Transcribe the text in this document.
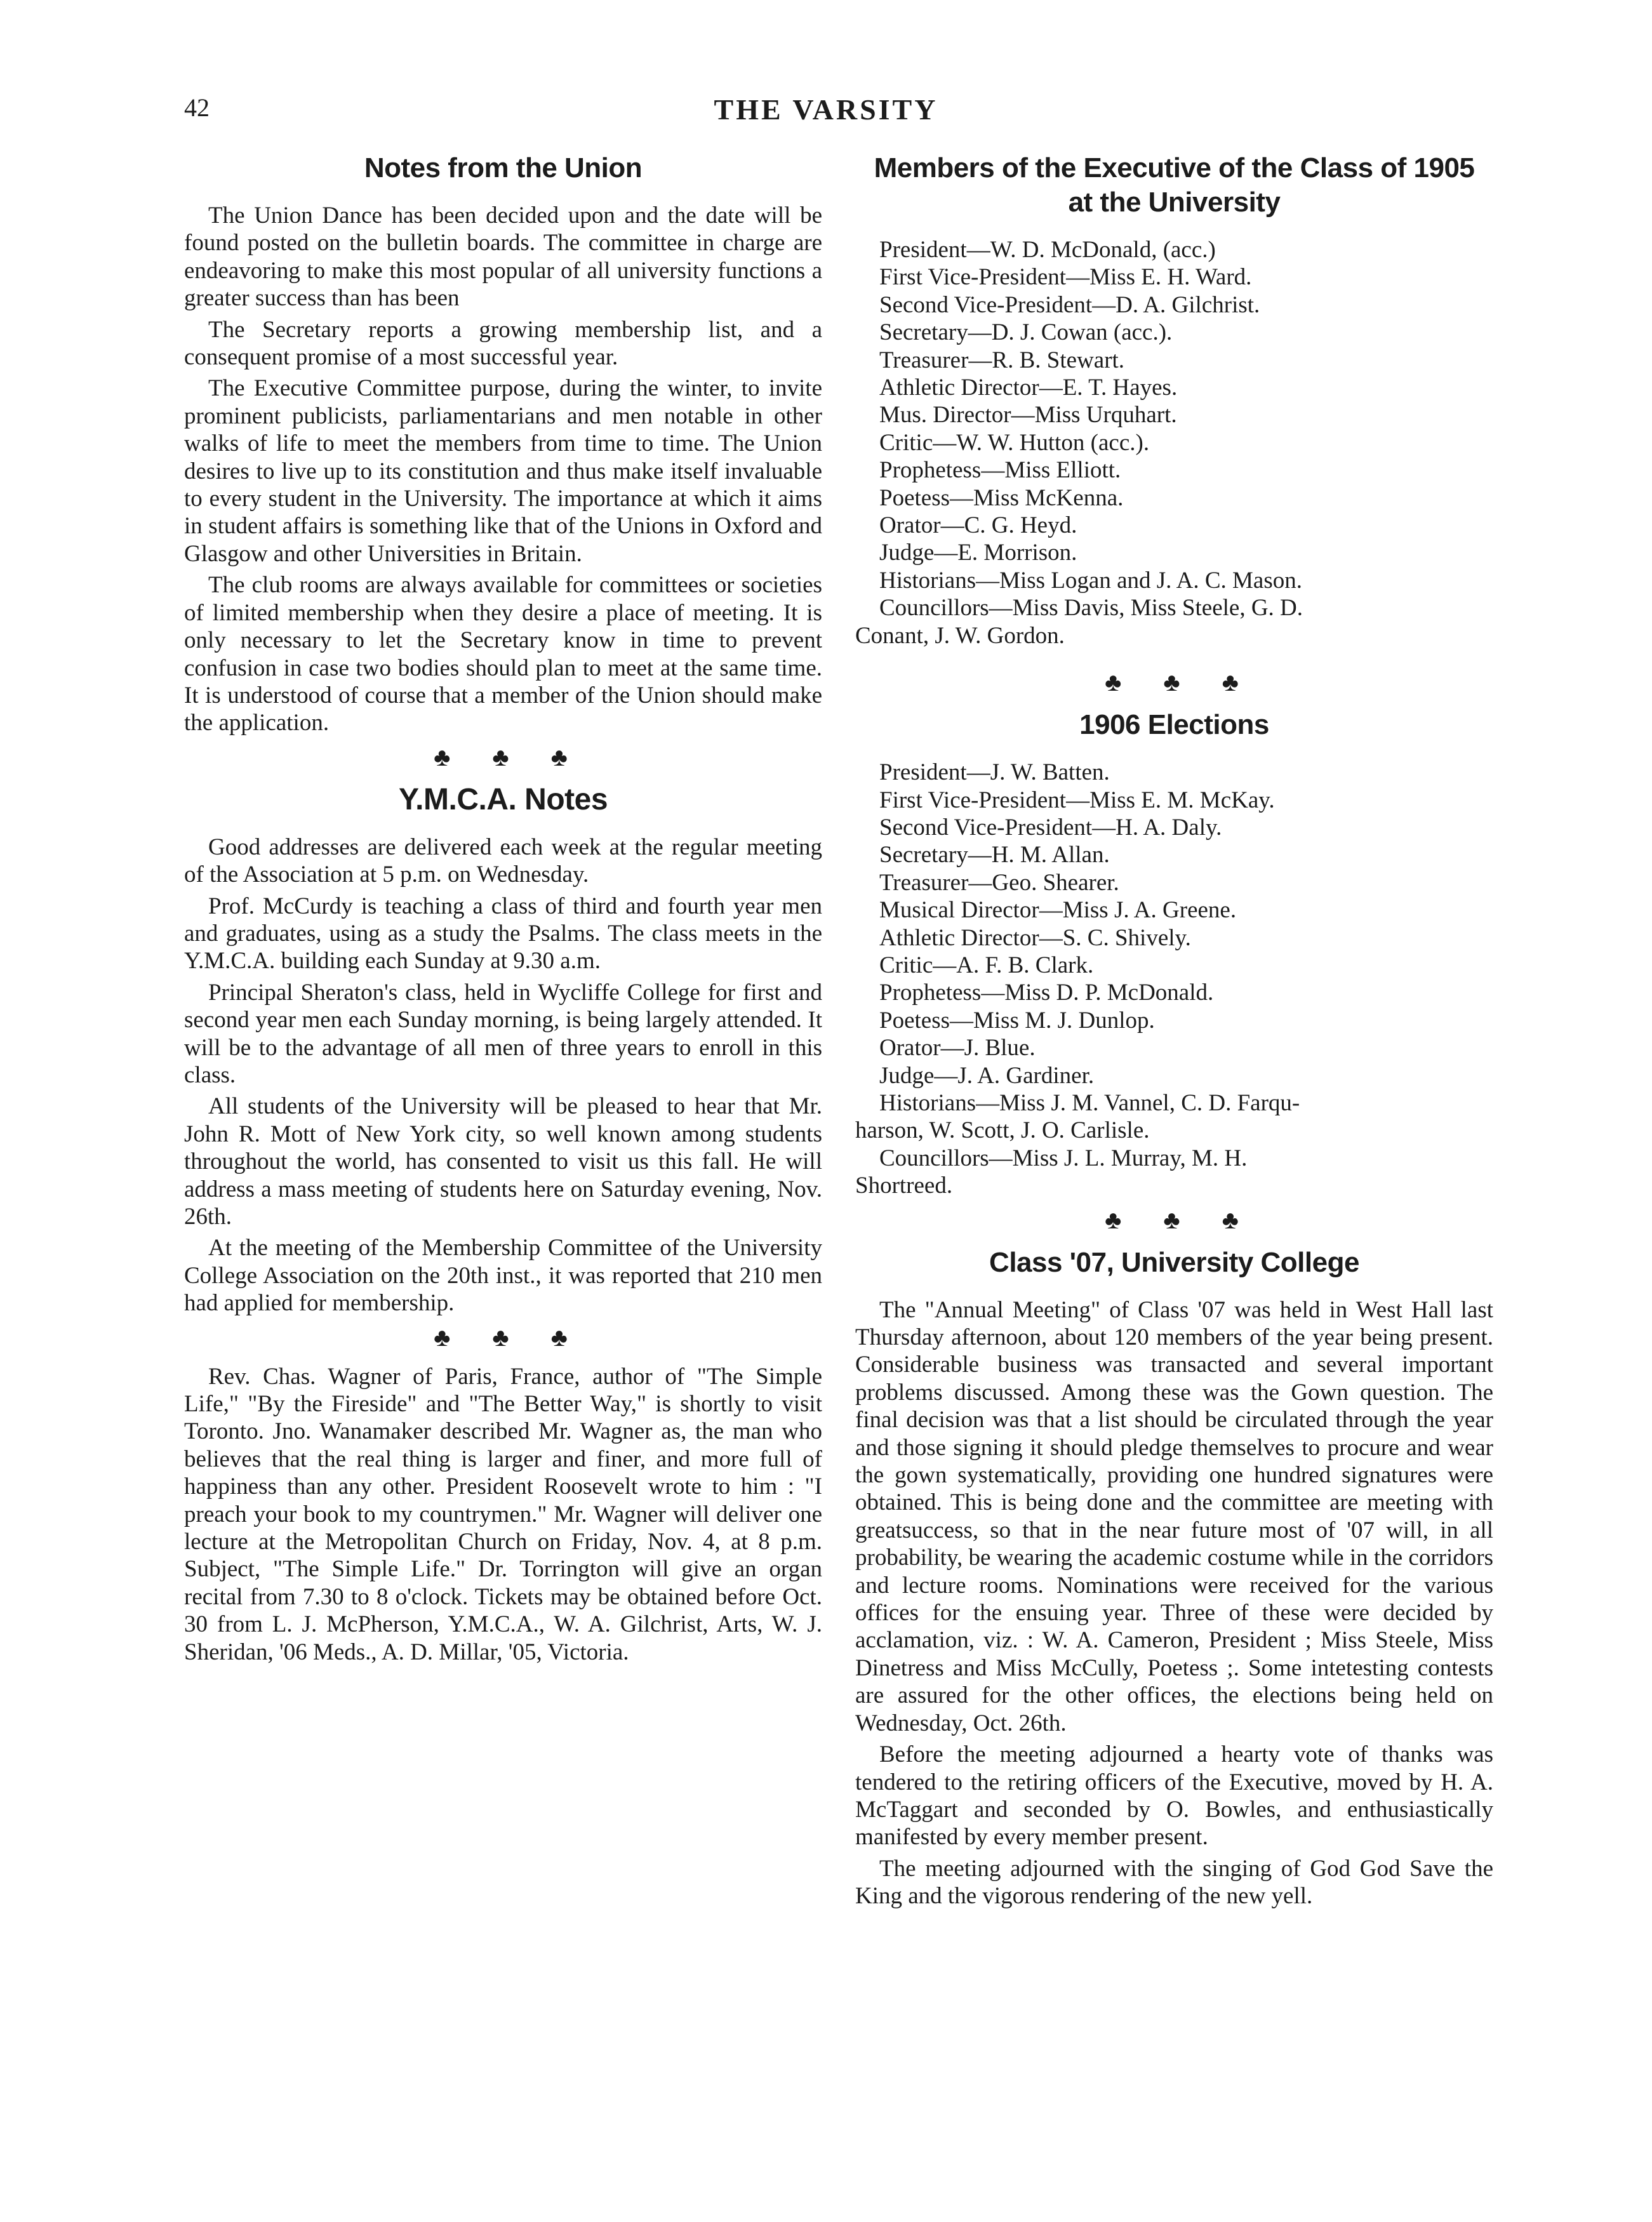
42	THE VARSITY
Notes from the Union

The Union Dance has been decided upon and the date will be found posted on the bulletin boards. The committee in charge are endeavoring to make this most popular of all university functions a greater success than has been

The Secretary reports a growing membership list, and a consequent promise of a most successful year.

The Executive Committee purpose, during the winter, to invite prominent publicists, parliamentarians and men notable in other walks of life to meet the members from time to time. The Union desires to live up to its constitution and thus make itself invaluable to every student in the University. The importance at which it aims in student affairs is something like that of the Unions in Oxford and Glasgow and other Universities in Britain.

The club rooms are always available for committees or societies of limited membership when they desire a place of meeting. It is only necessary to let the Secretary know in time to prevent confusion in case two bodies should plan to meet at the same time. It is understood of course that a member of the Union should make the application.

♣ ♣ ♣
Y.M.C.A. Notes

Good addresses are delivered each week at the regular meeting of the Association at 5 p.m. on Wednesday.

Prof. McCurdy is teaching a class of third and fourth year men and graduates, using as a study the Psalms. The class meets in the Y.M.C.A. building each Sunday at 9.30 a.m.

Principal Sheraton's class, held in Wycliffe College for first and second year men each Sunday morning, is being largely attended. It will be to the advantage of all men of three years to enroll in this class.

All students of the University will be pleased to hear that Mr. John R. Mott of New York city, so well known among students throughout the world, has consented to visit us this fall. He will address a mass meeting of students here on Saturday evening, Nov. 26th.

At the meeting of the Membership Committee of the University College Association on the 20th inst., it was reported that 210 men had applied for membership.

♣ ♣ ♣

Rev. Chas. Wagner of Paris, France, author of "The Simple Life," "By the Fireside" and "The Better Way," is shortly to visit Toronto. Jno. Wanamaker described Mr. Wagner as, the man who believes that the real thing is larger and finer, and more full of happiness than any other. President Roosevelt wrote to him : "I preach your book to my countrymen." Mr. Wagner will deliver one lecture at the Metropolitan Church on Friday, Nov. 4, at 8 p.m. Subject, "The Simple Life." Dr. Torrington will give an organ recital from 7.30 to 8 o'clock. Tickets may be obtained before Oct. 30 from L. J. McPherson, Y.M.C.A., W. A. Gilchrist, Arts, W. J. Sheridan, '06 Meds., A. D. Millar, '05, Victoria.

Members of the Executive of the Class of 1905
at the University
President—W. D. McDonald, (acc.)
First Vice-President—Miss E. H. Ward.
Second Vice-President—D. A. Gilchrist.
Secretary—D. J. Cowan (acc.).
Treasurer—R. B. Stewart.
Athletic Director—E. T. Hayes.
Mus. Director—Miss Urquhart.
Critic—W. W. Hutton (acc.).
Prophetess—Miss Elliott.
Poetess—Miss McKenna.
Orator—C. G. Heyd.
Judge—E. Morrison.
Historians—Miss Logan and J. A. C. Mason.
Councillors—Miss Davis, Miss Steele, G. D.
Conant, J. W. Gordon.
♣ ♣ ♣
1906 Elections
President—J. W. Batten.
First Vice-President—Miss E. M. McKay.
Second Vice-President—H. A. Daly.
Secretary—H. M. Allan.
Treasurer—Geo. Shearer.
Musical Director—Miss J. A. Greene.
Athletic Director—S. C. Shively.
Critic—A. F. B. Clark.
Prophetess—Miss D. P. McDonald.
Poetess—Miss M. J. Dunlop.
Orator—J. Blue.
Judge—J. A. Gardiner.
Historians—Miss J. M. Vannel, C. D. Farqu-
harson, W. Scott, J. O. Carlisle.
Councillors—Miss J. L. Murray, M. H.
Shortreed.
♣ ♣ ♣
Class '07, University College

The "Annual Meeting" of Class '07 was held in West Hall last Thursday afternoon, about 120 members of the year being present. Considerable business was transacted and several important problems discussed. Among these was the Gown question. The final decision was that a list should be circulated through the year and those signing it should pledge themselves to procure and wear the gown systematically, providing one hundred signatures were obtained. This is being done and the committee are meeting with greatsuccess, so that in the near future most of '07 will, in all probability, be wearing the academic costume while in the corridors and lecture rooms. Nominations were received for the various offices for the ensuing year. Three of these were decided by acclamation, viz. : W. A. Cameron, President ; Miss Steele, Miss Dinetress and Miss McCully, Poetess ;. Some intetesting contests are assured for the other offices, the elections being held on Wednesday, Oct. 26th.

Before the meeting adjourned a hearty vote of thanks was tendered to the retiring officers of the Executive, moved by H. A. McTaggart and seconded by O. Bowles, and enthusiastically manifested by every member present.

The meeting adjourned with the singing of God God Save the King and the vigorous rendering of the new yell.
